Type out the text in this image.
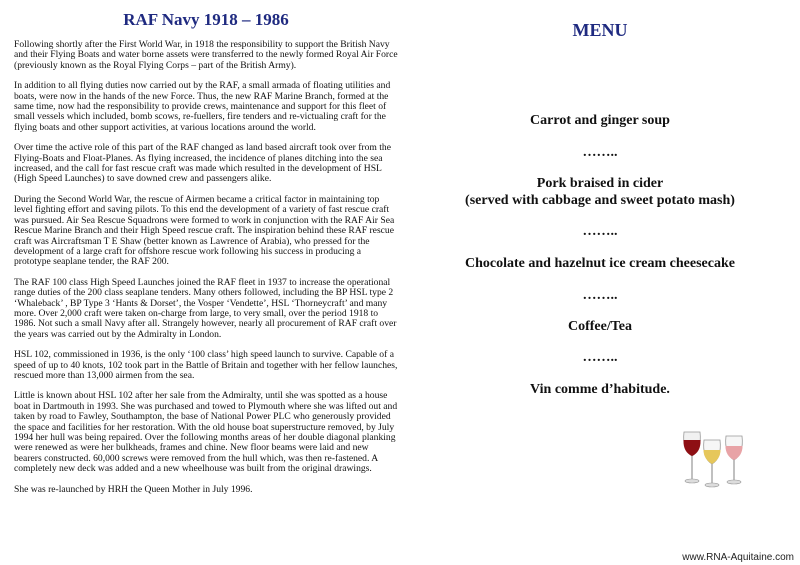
RAF Navy 1918 – 1986

Following shortly after the First World War, in 1918 the responsibility to support the British Navy and their Flying Boats and water borne assets were transferred to the newly formed Royal Air Force (previously known as the Royal Flying Corps – part of the British Army).

In addition to all flying duties now carried out by the RAF, a small armada of floating utilities and boats, were now in the hands of the new Force. Thus, the new RAF Marine Branch, formed at the same time, now had the responsibility to provide crews, maintenance and support for this fleet of small vessels which included, bomb scows, re-fuellers, fire tenders and re-victualing craft for the flying boats and other support activities, at various locations around the world.

Over time the active role of this part of the RAF changed as land based aircraft took over from the Flying-Boats and Float-Planes. As flying increased, the incidence of planes ditching into the sea increased, and the call for fast rescue craft was made which resulted in the development of HSL (High Speed Launches) to save downed crew and passengers alike.

During the Second World War, the rescue of Airmen became a critical factor in maintaining top level fighting effort and saving pilots. To this end the development of a variety of fast rescue craft was pursued. Air Sea Rescue Squadrons were formed to work in conjunction with the RAF Air Sea Rescue Marine Branch and their High Speed rescue craft. The inspiration behind these RAF rescue craft was Aircraftsman T E Shaw (better known as Lawrence of Arabia), who pressed for the development of a large craft for offshore rescue work following his success in producing a prototype seaplane tender, the RAF 200.

The RAF 100 class High Speed Launches joined the RAF fleet in 1937 to increase the operational range duties of the 200 class seaplane tenders. Many others followed, including the BP HSL type 2 ‘Whaleback’ , BP Type 3 ‘Hants & Dorset’, the Vosper ‘Vendette’, HSL ‘Thorneycraft’ and many more. Over 2,000 craft were taken on-charge from large, to very small, over the period 1918 to 1986. Not such a small Navy after all. Strangely however, nearly all procurement of RAF craft over the years was carried out by the Admiralty in London.

HSL 102, commissioned in 1936, is the only ‘100 class’ high speed launch to survive. Capable of a speed of up to 40 knots, 102 took part in the Battle of Britain and together with her fellow launches, rescued more than 13,000 airmen from the sea.

Little is known about HSL 102 after her sale from the Admiralty, until she was spotted as a house boat in Dartmouth in 1993. She was purchased and towed to Plymouth where she was lifted out and taken by road to Fawley, Southampton, the base of National Power PLC who generously provided the space and facilities for her restoration. With the old house boat superstructure removed, by July 1994 her hull was being repaired. Over the following months areas of her double diagonal planking were renewed as were her bulkheads, frames and chine. New floor beams were laid and new bearers constructed. 60,000 screws were removed from the hull which, was then re-fastened. A completely new deck was added and a new wheelhouse was built from the original drawings.

She was re-launched by HRH the Queen Mother in July 1996.

MENU
Carrot and ginger soup
……..
Pork braised in cider
(served with cabbage and sweet potato mash)
……..
Chocolate and hazelnut ice cream cheesecake
……..
Coffee/Tea
……..
Vin comme d’habitude.
www.RNA-Aquitaine.com
